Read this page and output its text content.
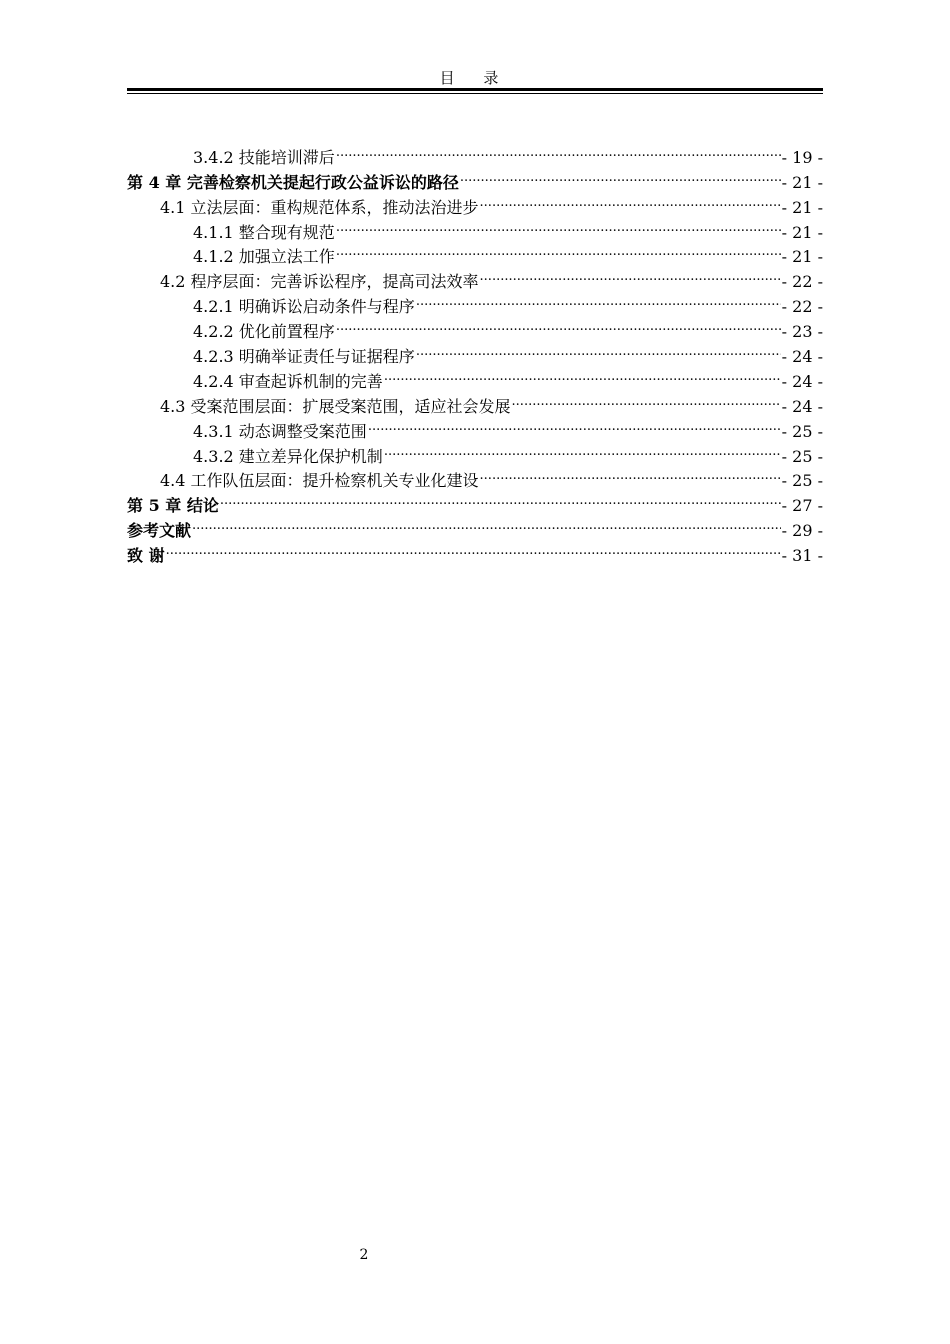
目 录
3.4.2 技能培训滞后 .....	- 19 -
第 4 章 完善检察机关提起行政公益诉讼的路径 .....	- 21 -
4.1 立法层面：重构规范体系，推动法治进步 .....	- 21 -
4.1.1 整合现有规范 .....	- 21 -
4.1.2 加强立法工作 .....	- 21 -
4.2 程序层面：完善诉讼程序，提高司法效率 .....	- 22 -
4.2.1 明确诉讼启动条件与程序 .....	- 22 -
4.2.2 优化前置程序 .....	- 23 -
4.2.3 明确举证责任与证据程序 .....	- 24 -
4.2.4 审查起诉机制的完善 .....	- 24 -
4.3 受案范围层面：扩展受案范围，适应社会发展 .....	- 24 -
4.3.1 动态调整受案范围 .....	- 25 -
4.3.2 建立差异化保护机制 .....	- 25 -
4.4 工作队伍层面：提升检察机关专业化建设 .....	- 25 -
第 5 章 结论 .....	- 27 -
参考文献 .....	- 29 -
致 谢 .....	- 31 -
2
